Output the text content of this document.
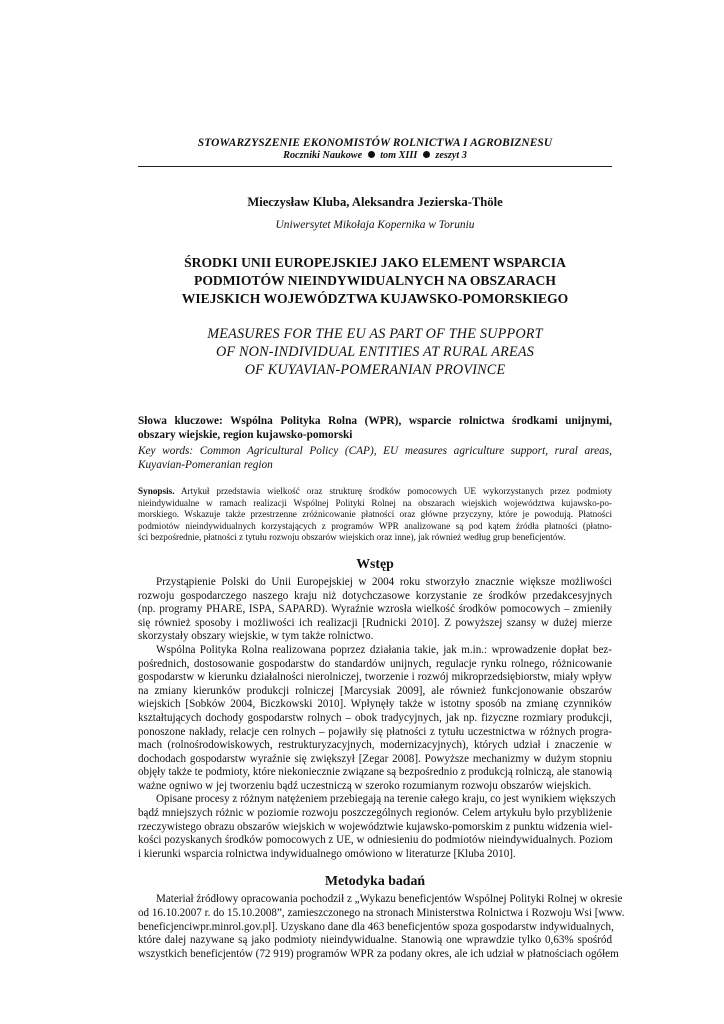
STOWARZYSZENIE EKONOMISTÓW ROLNICTWA I AGROBIZNESU
Roczniki Naukowe tom XIII zeszyt 3
Mieczysław Kluba, Aleksandra Jezierska-Thöle
Uniwersytet Mikołaja Kopernika w Toruniu
ŚRODKI UNII EUROPEJSKIEJ JAKO ELEMENT WSPARCIA
PODMIOTÓW NIEINDYWIDUALNYCH NA OBSZARACH
WIEJSKICH WOJEWÓDZTWA KUJAWSKO-POMORSKIEGO
MEASURES FOR THE EU AS PART OF THE SUPPORT
OF NON-INDIVIDUAL ENTITIES AT RURAL AREAS
OF KUYAVIAN-POMERANIAN PROVINCE
Słowa kluczowe: Wspólna Polityka Rolna (WPR), wsparcie rolnictwa środkami unijnymi,
obszary wiejskie, region kujawsko-pomorski
Key words: Common Agricultural Policy (CAP), EU measures agriculture support, rural areas,
Kuyavian-Pomeranian region
Synopsis. Artykuł przedstawia wielkość oraz strukturę środków pomocowych UE wykorzystanych przez podmioty
nieindywidualne w ramach realizacji Wspólnej Polityki Rolnej na obszarach wiejskich województwa kujawsko-po-
morskiego. Wskazuje także przestrzenne zróżnicowanie płatności oraz główne przyczyny, które je powodują. Płatności
podmiotów nieindywidualnych korzystających z programów WPR analizowane są pod kątem źródła płatności (płatno-
ści bezpośrednie, płatności z tytułu rozwoju obszarów wiejskich oraz inne), jak również według grup beneficjentów.
Wstęp
Przystąpienie Polski do Unii Europejskiej w 2004 roku stworzyło znacznie większe możliwości
rozwoju gospodarczego naszego kraju niż dotychczasowe korzystanie ze środków przedakcesyjnych
(np. programy PHARE, ISPA, SAPARD). Wyraźnie wzrosła wielkość środków pomocowych – zmieniły
się również sposoby i możliwości ich realizacji [Rudnicki 2010]. Z powyższej szansy w dużej mierze
skorzystały obszary wiejskie, w tym także rolnictwo.
Wspólna Polityka Rolna realizowana poprzez działania takie, jak m.in.: wprowadzenie dopłat bez-
pośrednich, dostosowanie gospodarstw do standardów unijnych, regulacje rynku rolnego, różnicowanie
gospodarstw w kierunku działalności nierolniczej, tworzenie i rozwój mikroprzedsiębiorstw, miały wpływ
na zmiany kierunków produkcji rolniczej [Marcysiak 2009], ale również funkcjonowanie obszarów
wiejskich [Sobków 2004, Biczkowski 2010]. Wpłynęły także w istotny sposób na zmianę czynników
kształtujących dochody gospodarstw rolnych – obok tradycyjnych, jak np. fizyczne rozmiary produkcji,
ponoszone nakłady, relacje cen rolnych – pojawiły się płatności z tytułu uczestnictwa w różnych progra-
mach (rolnośrodowiskowych, restrukturyzacyjnych, modernizacyjnych), których udział i znaczenie w
dochodach gospodarstw wyraźnie się zwiększył [Zegar 2008]. Powyższe mechanizmy w dużym stopniu
objęły także te podmioty, które niekoniecznie związane są bezpośrednio z produkcją rolniczą, ale stanowią
ważne ogniwo w jej tworzeniu bądź uczestniczą w szeroko rozumianym rozwoju obszarów wiejskich.
Opisane procesy z różnym natężeniem przebiegają na terenie całego kraju, co jest wynikiem większych
bądź mniejszych różnic w poziomie rozwoju poszczególnych regionów. Celem artykułu było przybliżenie
rzeczywistego obrazu obszarów wiejskich w województwie kujawsko-pomorskim z punktu widzenia wiel-
kości pozyskanych środków pomocowych z UE, w odniesieniu do podmiotów nieindywidualnych. Poziom
i kierunki wsparcia rolnictwa indywidualnego omówiono w literaturze [Kluba 2010].
Metodyka badań
Materiał źródłowy opracowania pochodził z „Wykazu beneficjentów Wspólnej Polityki Rolnej w okresie
od 16.10.2007 r. do 15.10.2008”, zamieszczonego na stronach Ministerstwa Rolnictwa i Rozwoju Wsi [www.
beneficjenciwpr.minrol.gov.pl]. Uzyskano dane dla 463 beneficjentów spoza gospodarstw indywidualnych,
które dalej nazywane są jako podmioty nieindywidualne. Stanowią one wprawdzie tylko 0,63% spośród
wszystkich beneficjentów (72 919) programów WPR za podany okres, ale ich udział w płatnościach ogółem
